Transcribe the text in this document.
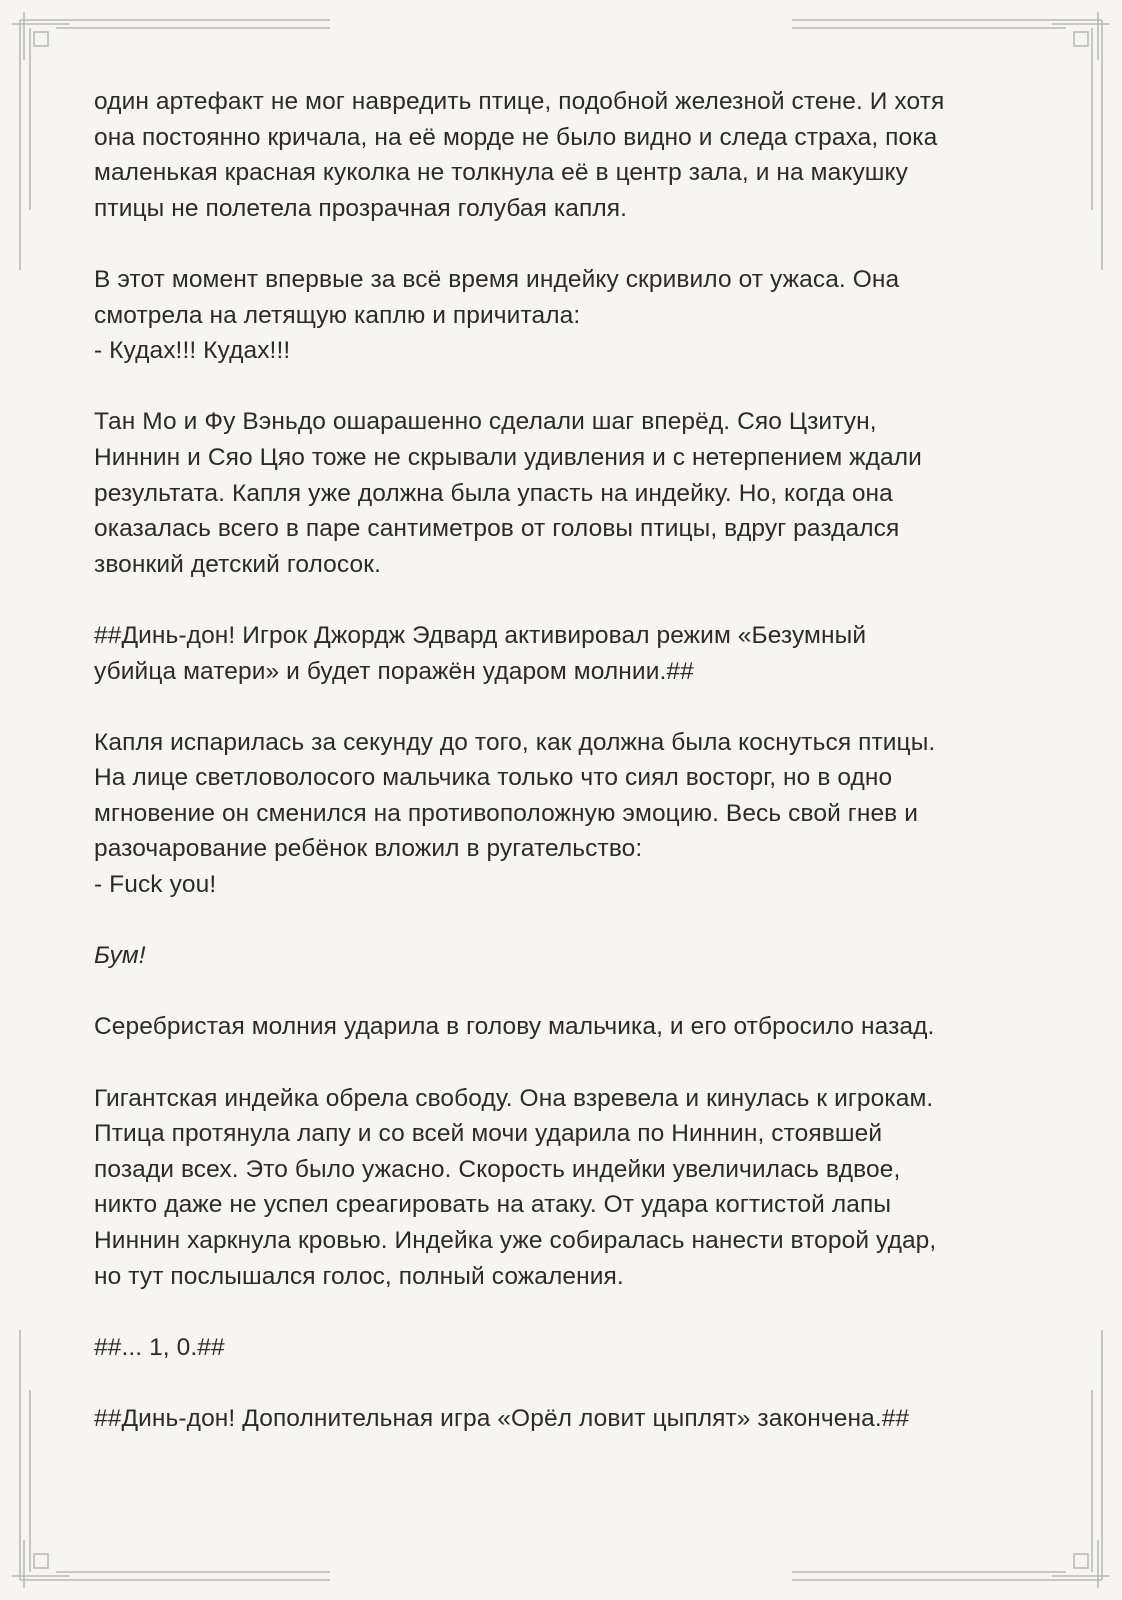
один артефакт не мог навредить птице, подобной железной стене. И хотя
она постоянно кричала, на её морде не было видно и следа страха, пока
маленькая красная куколка не толкнула её в центр зала, и на макушку
птицы не полетела прозрачная голубая капля.

В этот момент впервые за всё время индейку скривило от ужаса. Она
смотрела на летящую каплю и причитала:
- Кудах!!! Кудах!!!

Тан Мо и Фу Вэньдо ошарашенно сделали шаг вперёд. Сяо Цзитун,
Ниннин и Сяо Цяо тоже не скрывали удивления и с нетерпением ждали
результата. Капля уже должна была упасть на индейку. Но, когда она
оказалась всего в паре сантиметров от головы птицы, вдруг раздался
звонкий детский голосок.

##Динь-дон! Игрок Джордж Эдвард активировал режим «Безумный
убийца матери» и будет поражён ударом молнии.##

Капля испарилась за секунду до того, как должна была коснуться птицы.
На лице светловолосого мальчика только что сиял восторг, но в одно
мгновение он сменился на противоположную эмоцию. Весь свой гнев и
разочарование ребёнок вложил в ругательство:
- Fuck you!

Бум!

Серебристая молния ударила в голову мальчика, и его отбросило назад.

Гигантская индейка обрела свободу. Она взревела и кинулась к игрокам.
Птица протянула лапу и со всей мочи ударила по Ниннин, стоявшей
позади всех. Это было ужасно. Скорость индейки увеличилась вдвое,
никто даже не успел среагировать на атаку. От удара когтистой лапы
Ниннин харкнула кровью. Индейка уже собиралась нанести второй удар,
но тут послышался голос, полный сожаления.

##... 1, 0.##

##Динь-дон! Дополнительная игра «Орёл ловит цыплят» закончена.##
